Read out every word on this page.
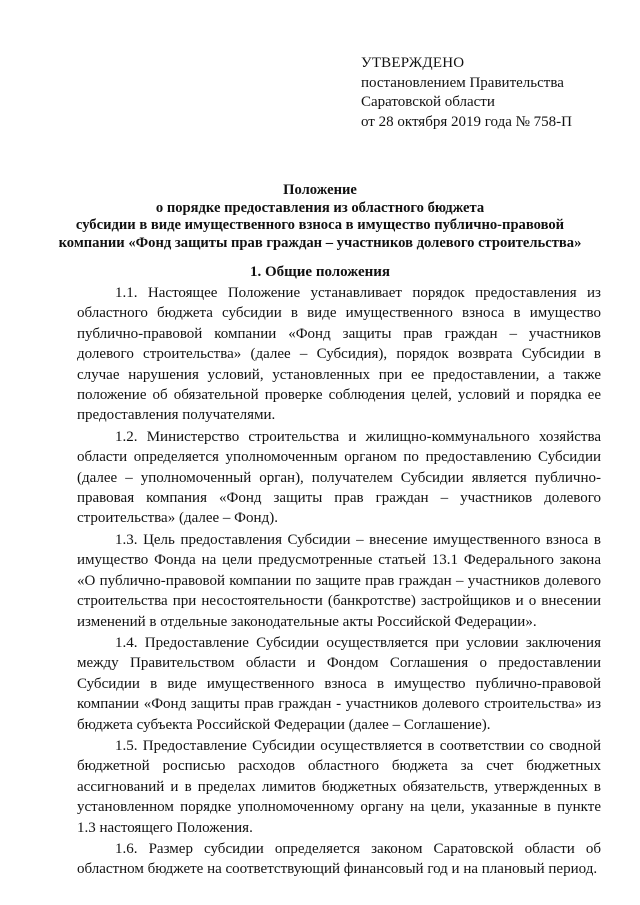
УТВЕРЖДЕНО
постановлением Правительства
Саратовской области
от 28 октября 2019 года № 758-П
Положение
о порядке предоставления из областного бюджета
субсидии в виде имущественного взноса в имущество публично-правовой
компании «Фонд защиты прав граждан – участников долевого строительства»
1. Общие положения

1.1. Настоящее Положение устанавливает порядок предоставления из областного бюджета субсидии в виде имущественного взноса в имущество публично-правовой компании «Фонд защиты прав граждан – участников долевого строительства» (далее – Субсидия), порядок возврата Субсидии в случае нарушения условий, установленных при ее предоставлении, а также положение об обязательной проверке соблюдения целей, условий и порядка ее предоставления получателями.

1.2. Министерство строительства и жилищно-коммунального хозяйства области определяется уполномоченным органом по предоставлению Субсидии (далее – уполномоченный орган), получателем Субсидии является публично-правовая компания «Фонд защиты прав граждан – участников долевого строительства» (далее – Фонд).

1.3. Цель предоставления Субсидии – внесение имущественного взноса в имущество Фонда на цели предусмотренные статьей 13.1 Федерального закона «О публично-правовой компании по защите прав граждан – участников долевого строительства при несостоятельности (банкротстве) застройщиков и о внесении изменений в отдельные законодательные акты Российской Федерации».

1.4. Предоставление Субсидии осуществляется при условии заключения между Правительством области и Фондом Соглашения о предоставлении Субсидии в виде имущественного взноса в имущество публично-правовой компании «Фонд защиты прав граждан - участников долевого строительства» из бюджета субъекта Российской Федерации (далее – Соглашение).

1.5. Предоставление Субсидии осуществляется в соответствии со сводной бюджетной росписью расходов областного бюджета за счет бюджетных ассигнований и в пределах лимитов бюджетных обязательств, утвержденных в установленном порядке уполномоченному органу на цели, указанные в пункте 1.3 настоящего Положения.

1.6. Размер субсидии определяется законом Саратовской области об областном бюджете на соответствующий финансовый год и на плановый период.
